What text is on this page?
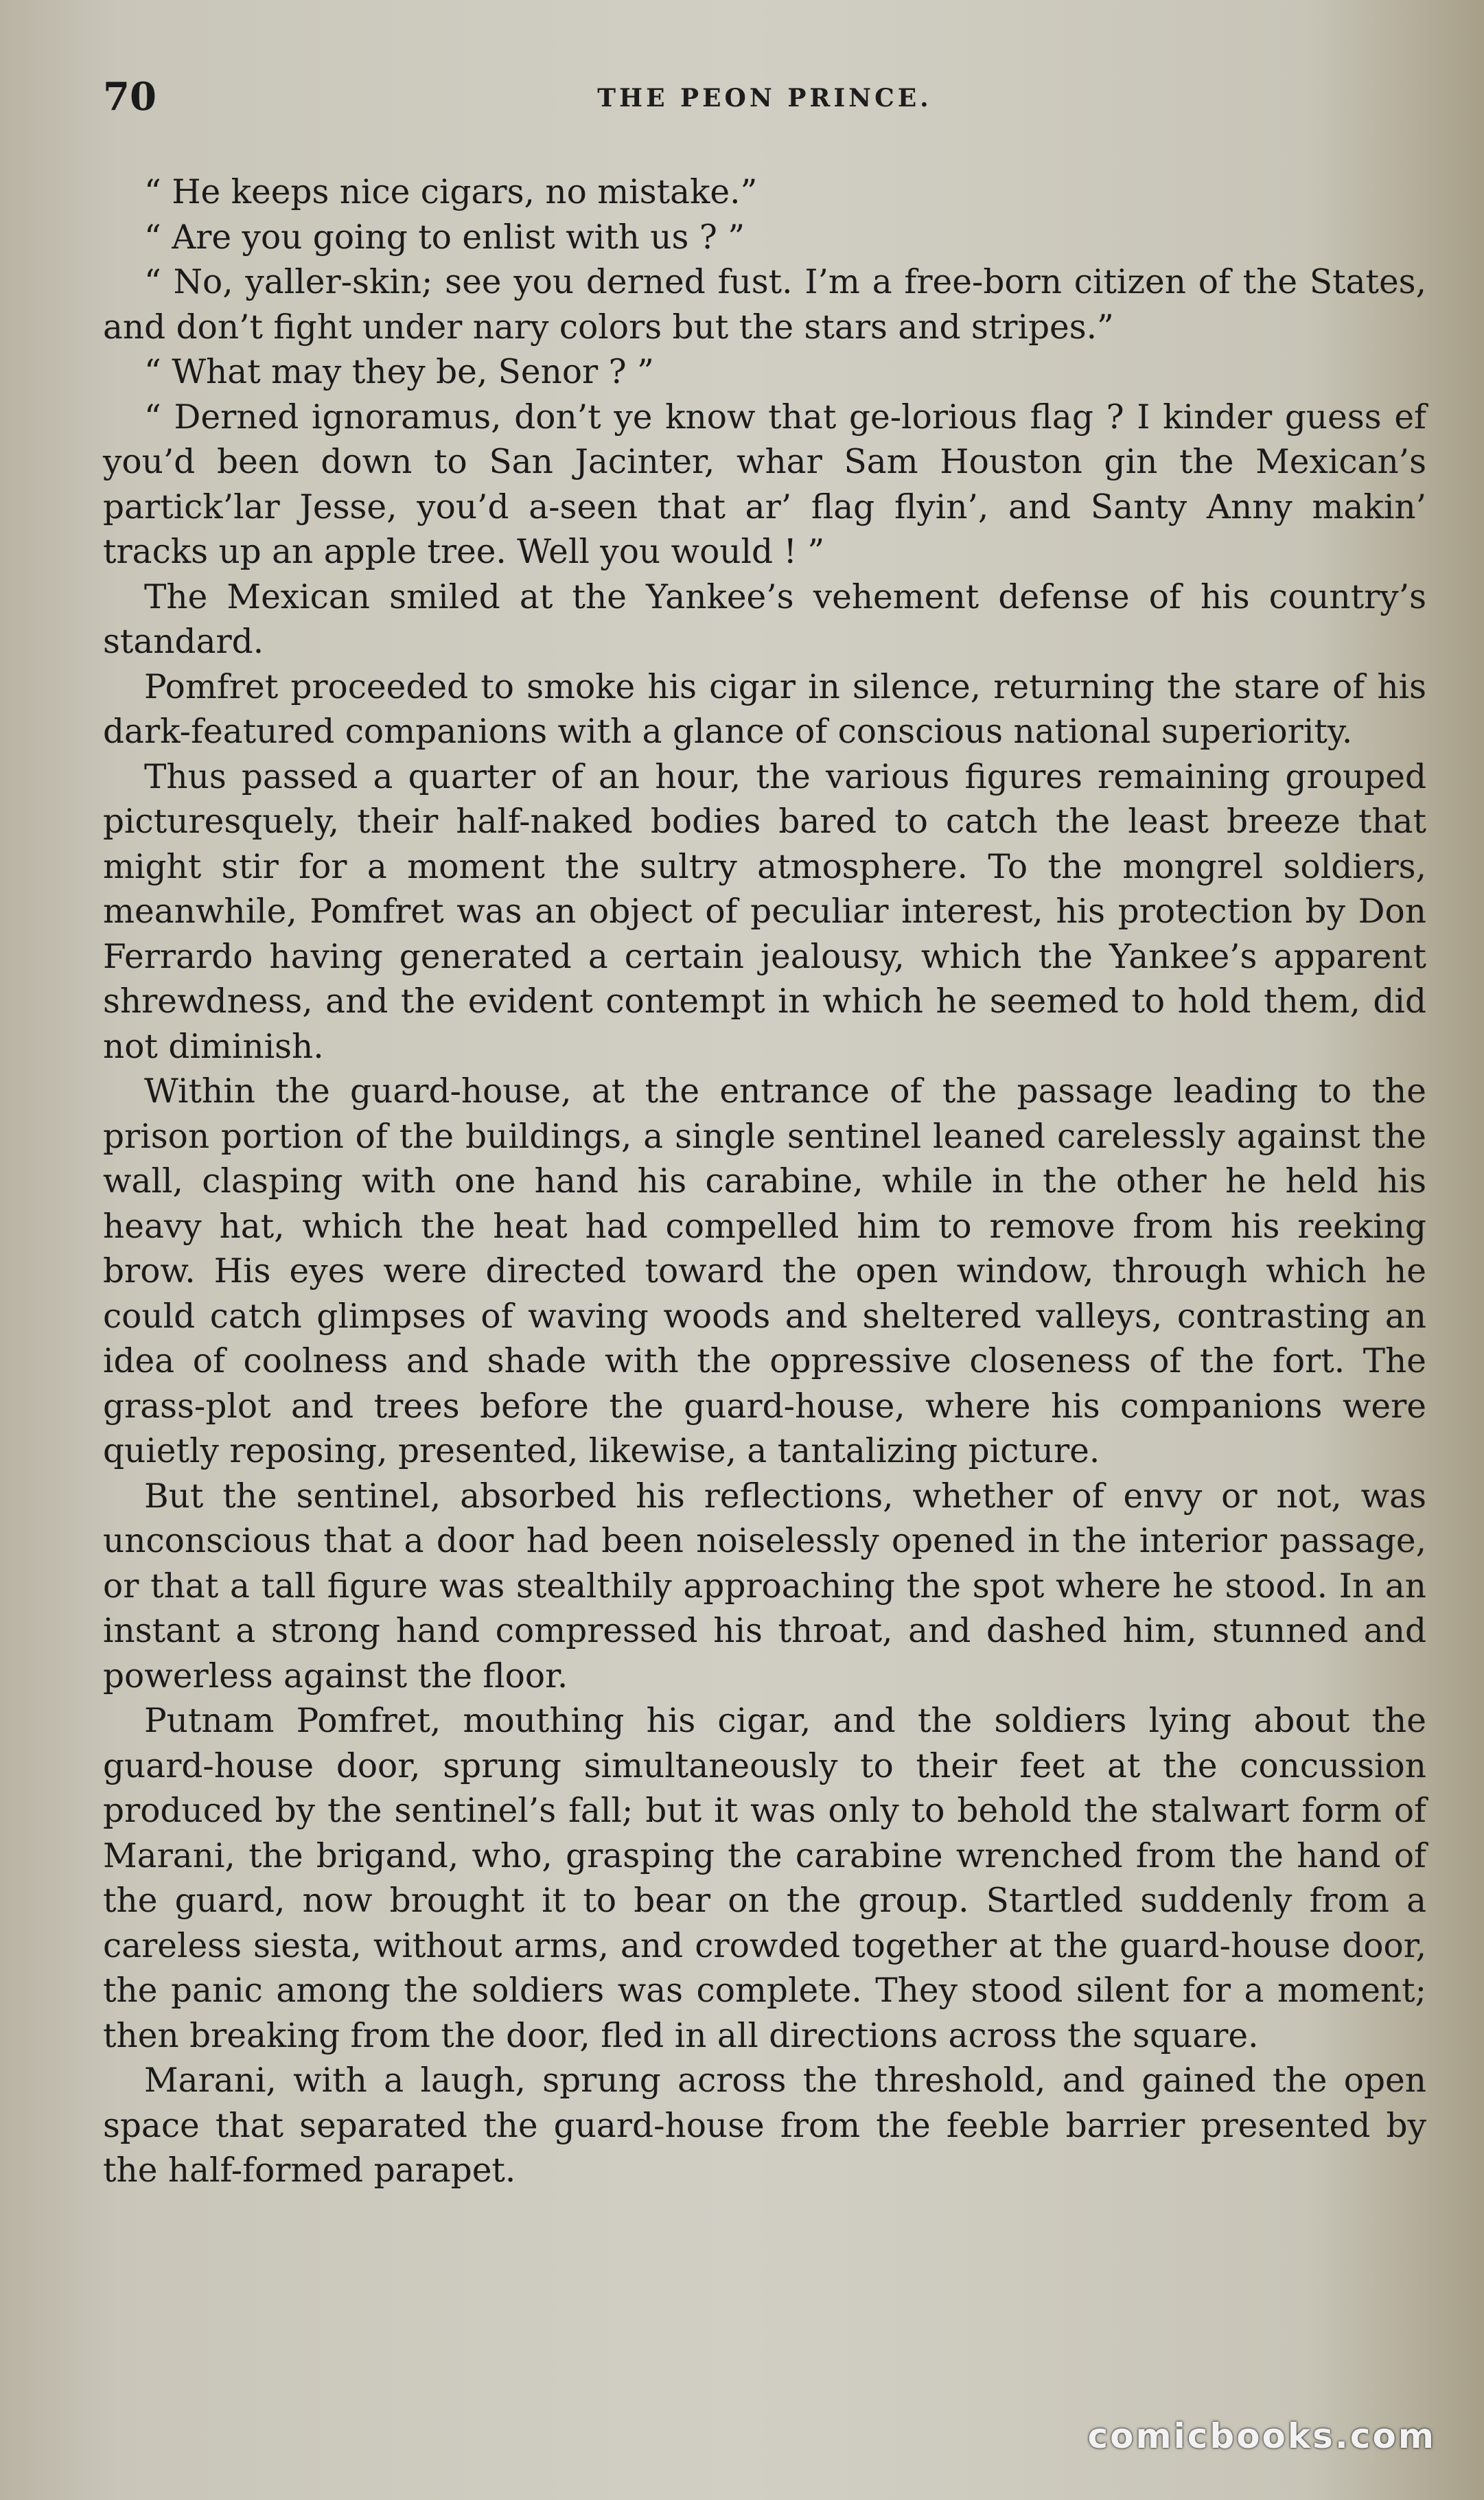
70	THE PEON PRINCE.

“ He keeps nice cigars, no mistake.”

“ Are you going to enlist with us ? ”

“ No, yaller-skin; see you derned fust. I’m a free-born citizen of the States, and don’t fight under nary colors but the stars and stripes.”

“ What may they be, Senor ? ”

“ Derned ignoramus, don’t ye know that ge-lorious flag ? I kinder guess ef you’d been down to San Jacinter, whar Sam Houston gin the Mexican’s partick’lar Jesse, you’d a-seen that ar’ flag flyin’, and Santy Anny makin’ tracks up an apple tree. Well you would ! ”

The Mexican smiled at the Yankee’s vehement defense of his country’s standard.

Pomfret proceeded to smoke his cigar in silence, returning the stare of his dark-featured companions with a glance of conscious national superiority.

Thus passed a quarter of an hour, the various figures remaining grouped picturesquely, their half-naked bodies bared to catch the least breeze that might stir for a moment the sultry atmosphere. To the mongrel soldiers, meanwhile, Pomfret was an object of peculiar interest, his protection by Don Ferrardo having generated a certain jealousy, which the Yankee’s apparent shrewdness, and the evident contempt in which he seemed to hold them, did not diminish.

Within the guard-house, at the entrance of the passage leading to the prison portion of the buildings, a single sentinel leaned carelessly against the wall, clasping with one hand his carabine, while in the other he held his heavy hat, which the heat had compelled him to remove from his reeking brow. His eyes were directed toward the open window, through which he could catch glimpses of waving woods and sheltered valleys, contrasting an idea of coolness and shade with the oppressive closeness of the fort. The grass-plot and trees before the guard-house, where his companions were quietly reposing, presented, likewise, a tantalizing picture.

But the sentinel, absorbed his reflections, whether of envy or not, was unconscious that a door had been noiselessly opened in the interior passage, or that a tall figure was stealthily approaching the spot where he stood. In an instant a strong hand compressed his throat, and dashed him, stunned and powerless against the floor.

Putnam Pomfret, mouthing his cigar, and the soldiers lying about the guard-house door, sprung simultaneously to their feet at the concussion produced by the sentinel’s fall; but it was only to behold the stalwart form of Marani, the brigand, who, grasping the carabine wrenched from the hand of the guard, now brought it to bear on the group. Startled suddenly from a careless siesta, without arms, and crowded together at the guard-house door, the panic among the soldiers was complete. They stood silent for a moment; then breaking from the door, fled in all directions across the square.

Marani, with a laugh, sprung across the threshold, and gained the open space that separated the guard-house from the feeble barrier presented by the half-formed parapet.

comicbooks.com
